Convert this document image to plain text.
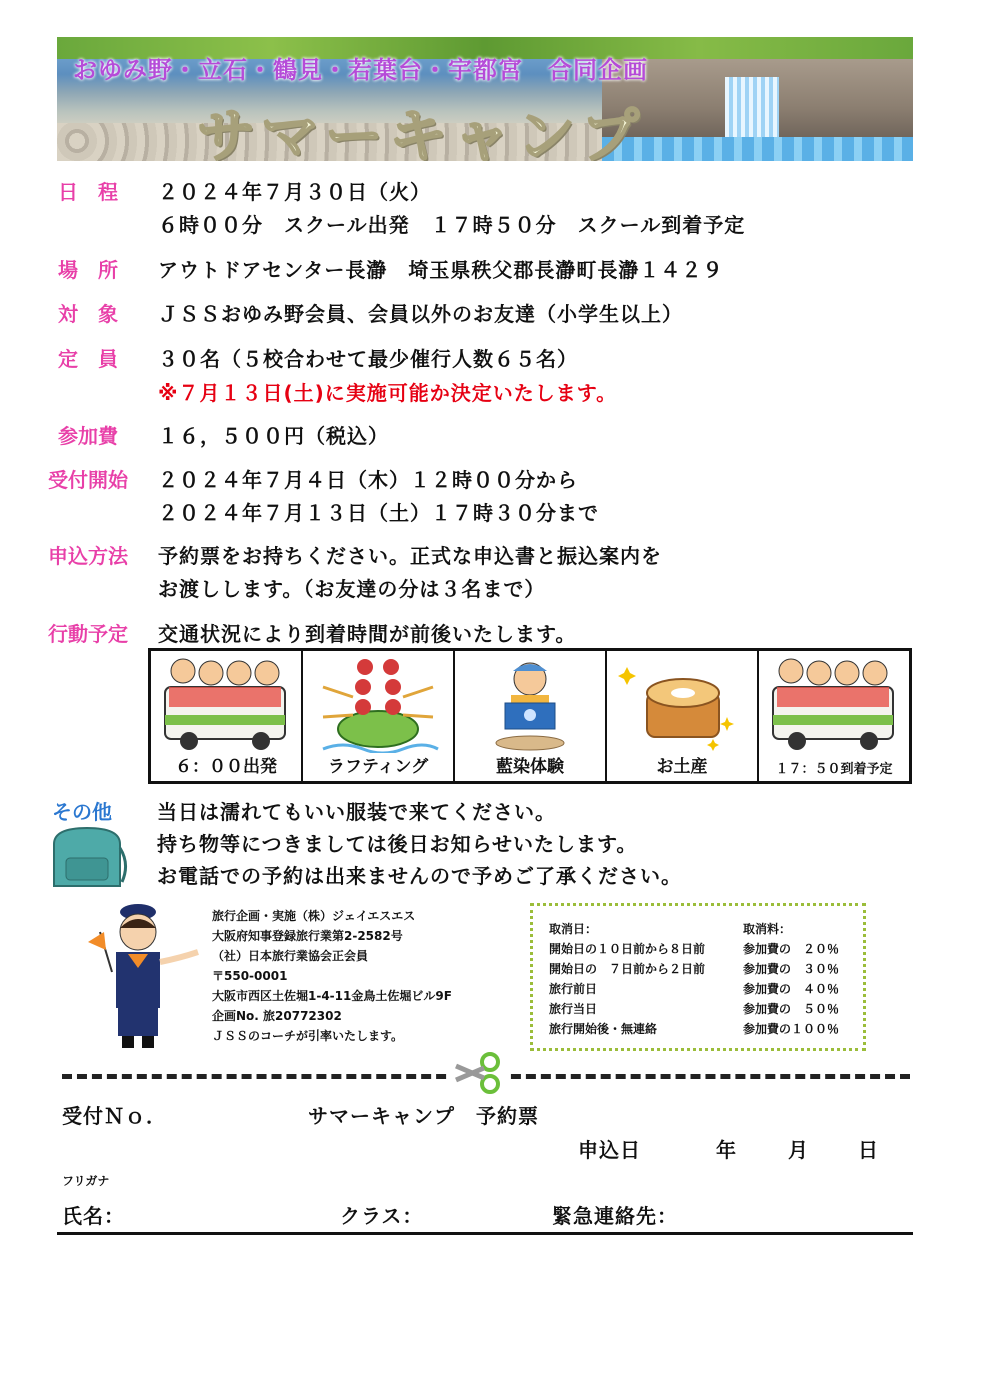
おゆみ野・立石・鶴見・若葉台・宇都宮　合同企画
サマーキャンプ
日　程	２０２４年７月３０日（火）
６時００分　スクール出発　１７時５０分　スクール到着予定
場　所	アウトドアセンター長瀞　埼玉県秩父郡長瀞町長瀞１４２９
対　象	ＪＳＳおゆみ野会員、会員以外のお友達（小学生以上）
定　員	３０名（５校合わせて最少催行人数６５名）
※７月１３日(土)に実施可能か決定いたします。
参加費	１６，５００円（税込）
受付開始	２０２４年７月４日（木）１２時００分から
２０２４年７月１３日（土）１７時３０分まで
申込方法	予約票をお持ちください。正式な申込書と振込案内を
お渡しします。（お友達の分は３名まで）
行動予定	交通状況により到着時間が前後いたします。
６：００出発	ラフティング	藍染体験	お土産	１７：５０到着予定
その他 当日は濡れてもいい服装で来てください。
持ち物等につきましては後日お知らせいたします。
お電話での予約は出来ませんので予めご了承ください。
旅行企画・実施（株）ジェイエスエス
大阪府知事登録旅行業第2-2582号
（社）日本旅行業協会正会員
〒550-0001
大阪市西区土佐堀1-4-11金鳥土佐堀ビル9F
企画No. 旅20772302
ＪＳＳのコーチが引率いたします。
取消日：	取消料：
開始日の１０日前から８日前	参加費の　２０％
開始日の　７日前から２日前	参加費の　３０％
旅行前日	参加費の　４０％
旅行当日	参加費の　５０％
旅行開始後・無連絡	参加費の１００％
受付Ｎｏ．	サマーキャンプ　予約票
申込日	年	月 日
フリガナ
氏名：	クラス：	緊急連絡先：
